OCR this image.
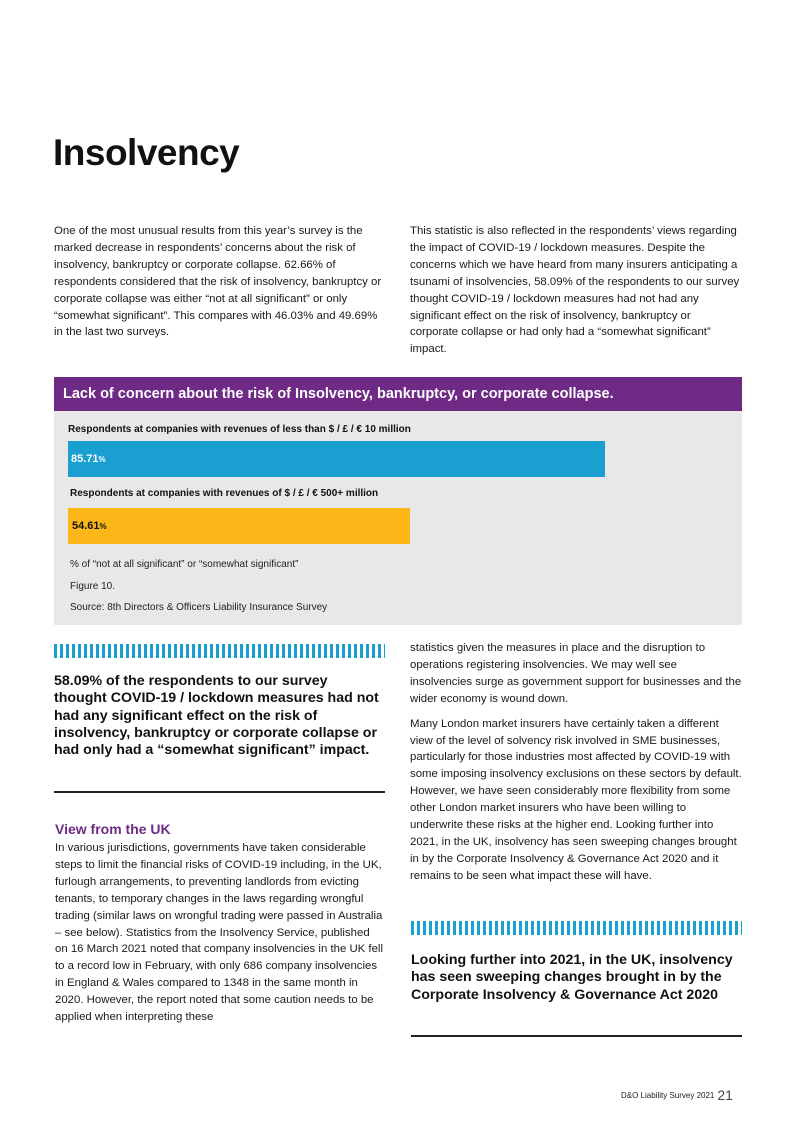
Insolvency

One of the most unusual results from this year’s survey is the marked decrease in respondents’ concerns about the risk of insolvency, bankruptcy or corporate collapse. 62.66% of respondents considered that the risk of insolvency, bankruptcy or corporate collapse was either “not at all significant” or only “somewhat significant”. This compares with 46.03% and 49.69% in the last two surveys.

This statistic is also reflected in the respondents’ views regarding the impact of COVID-19 / lockdown measures. Despite the concerns which we have heard from many insurers anticipating a tsunami of insolvencies, 58.09% of the respondents to our survey thought COVID-19 / lockdown measures had not had any significant effect on the risk of insolvency, bankruptcy or corporate collapse or had only had a “somewhat significant” impact.

Lack of concern about the risk of Insolvency, bankruptcy, or corporate collapse.
Respondents at companies with revenues of less than $ / £ / € 10 million
85.71%
Respondents at companies with revenues of $ / £ / € 500+ million
54.61%
% of “not at all significant” or “somewhat significant”
Figure 10.
Source: 8th Directors & Officers Liability Insurance Survey

58.09% of the respondents to our survey thought COVID-19 / lockdown measures had not had any significant effect on the risk of insolvency, bankruptcy or corporate collapse or had only had a “somewhat significant” impact.

View from the UK

In various jurisdictions, governments have taken considerable steps to limit the financial risks of COVID-19 including, in the UK, furlough arrangements, to preventing landlords from evicting tenants, to temporary changes in the laws regarding wrongful trading (similar laws on wrongful trading were passed in Australia – see below). Statistics from the Insolvency Service, published on 16 March 2021 noted that company insolvencies in the UK fell to a record low in February, with only 686 company insolvencies in England & Wales compared to 1348 in the same month in 2020. However, the report noted that some caution needs to be applied when interpreting these

statistics given the measures in place and the disruption to operations registering insolvencies. We may well see insolvencies surge as government support for businesses and the wider economy is wound down.

Many London market insurers have certainly taken a different view of the level of solvency risk involved in SME businesses, particularly for those industries most affected by COVID-19 with some imposing insolvency exclusions on these sectors by default. However, we have seen considerably more flexibility from some other London market insurers who have been willing to underwrite these risks at the higher end. Looking further into 2021, in the UK, insolvency has seen sweeping changes brought in by the Corporate Insolvency & Governance Act 2020 and it remains to be seen what impact these will have.

Looking further into 2021, in the UK, insolvency has seen sweeping changes brought in by the Corporate Insolvency & Governance Act 2020

D&O Liability Survey 2021 21
